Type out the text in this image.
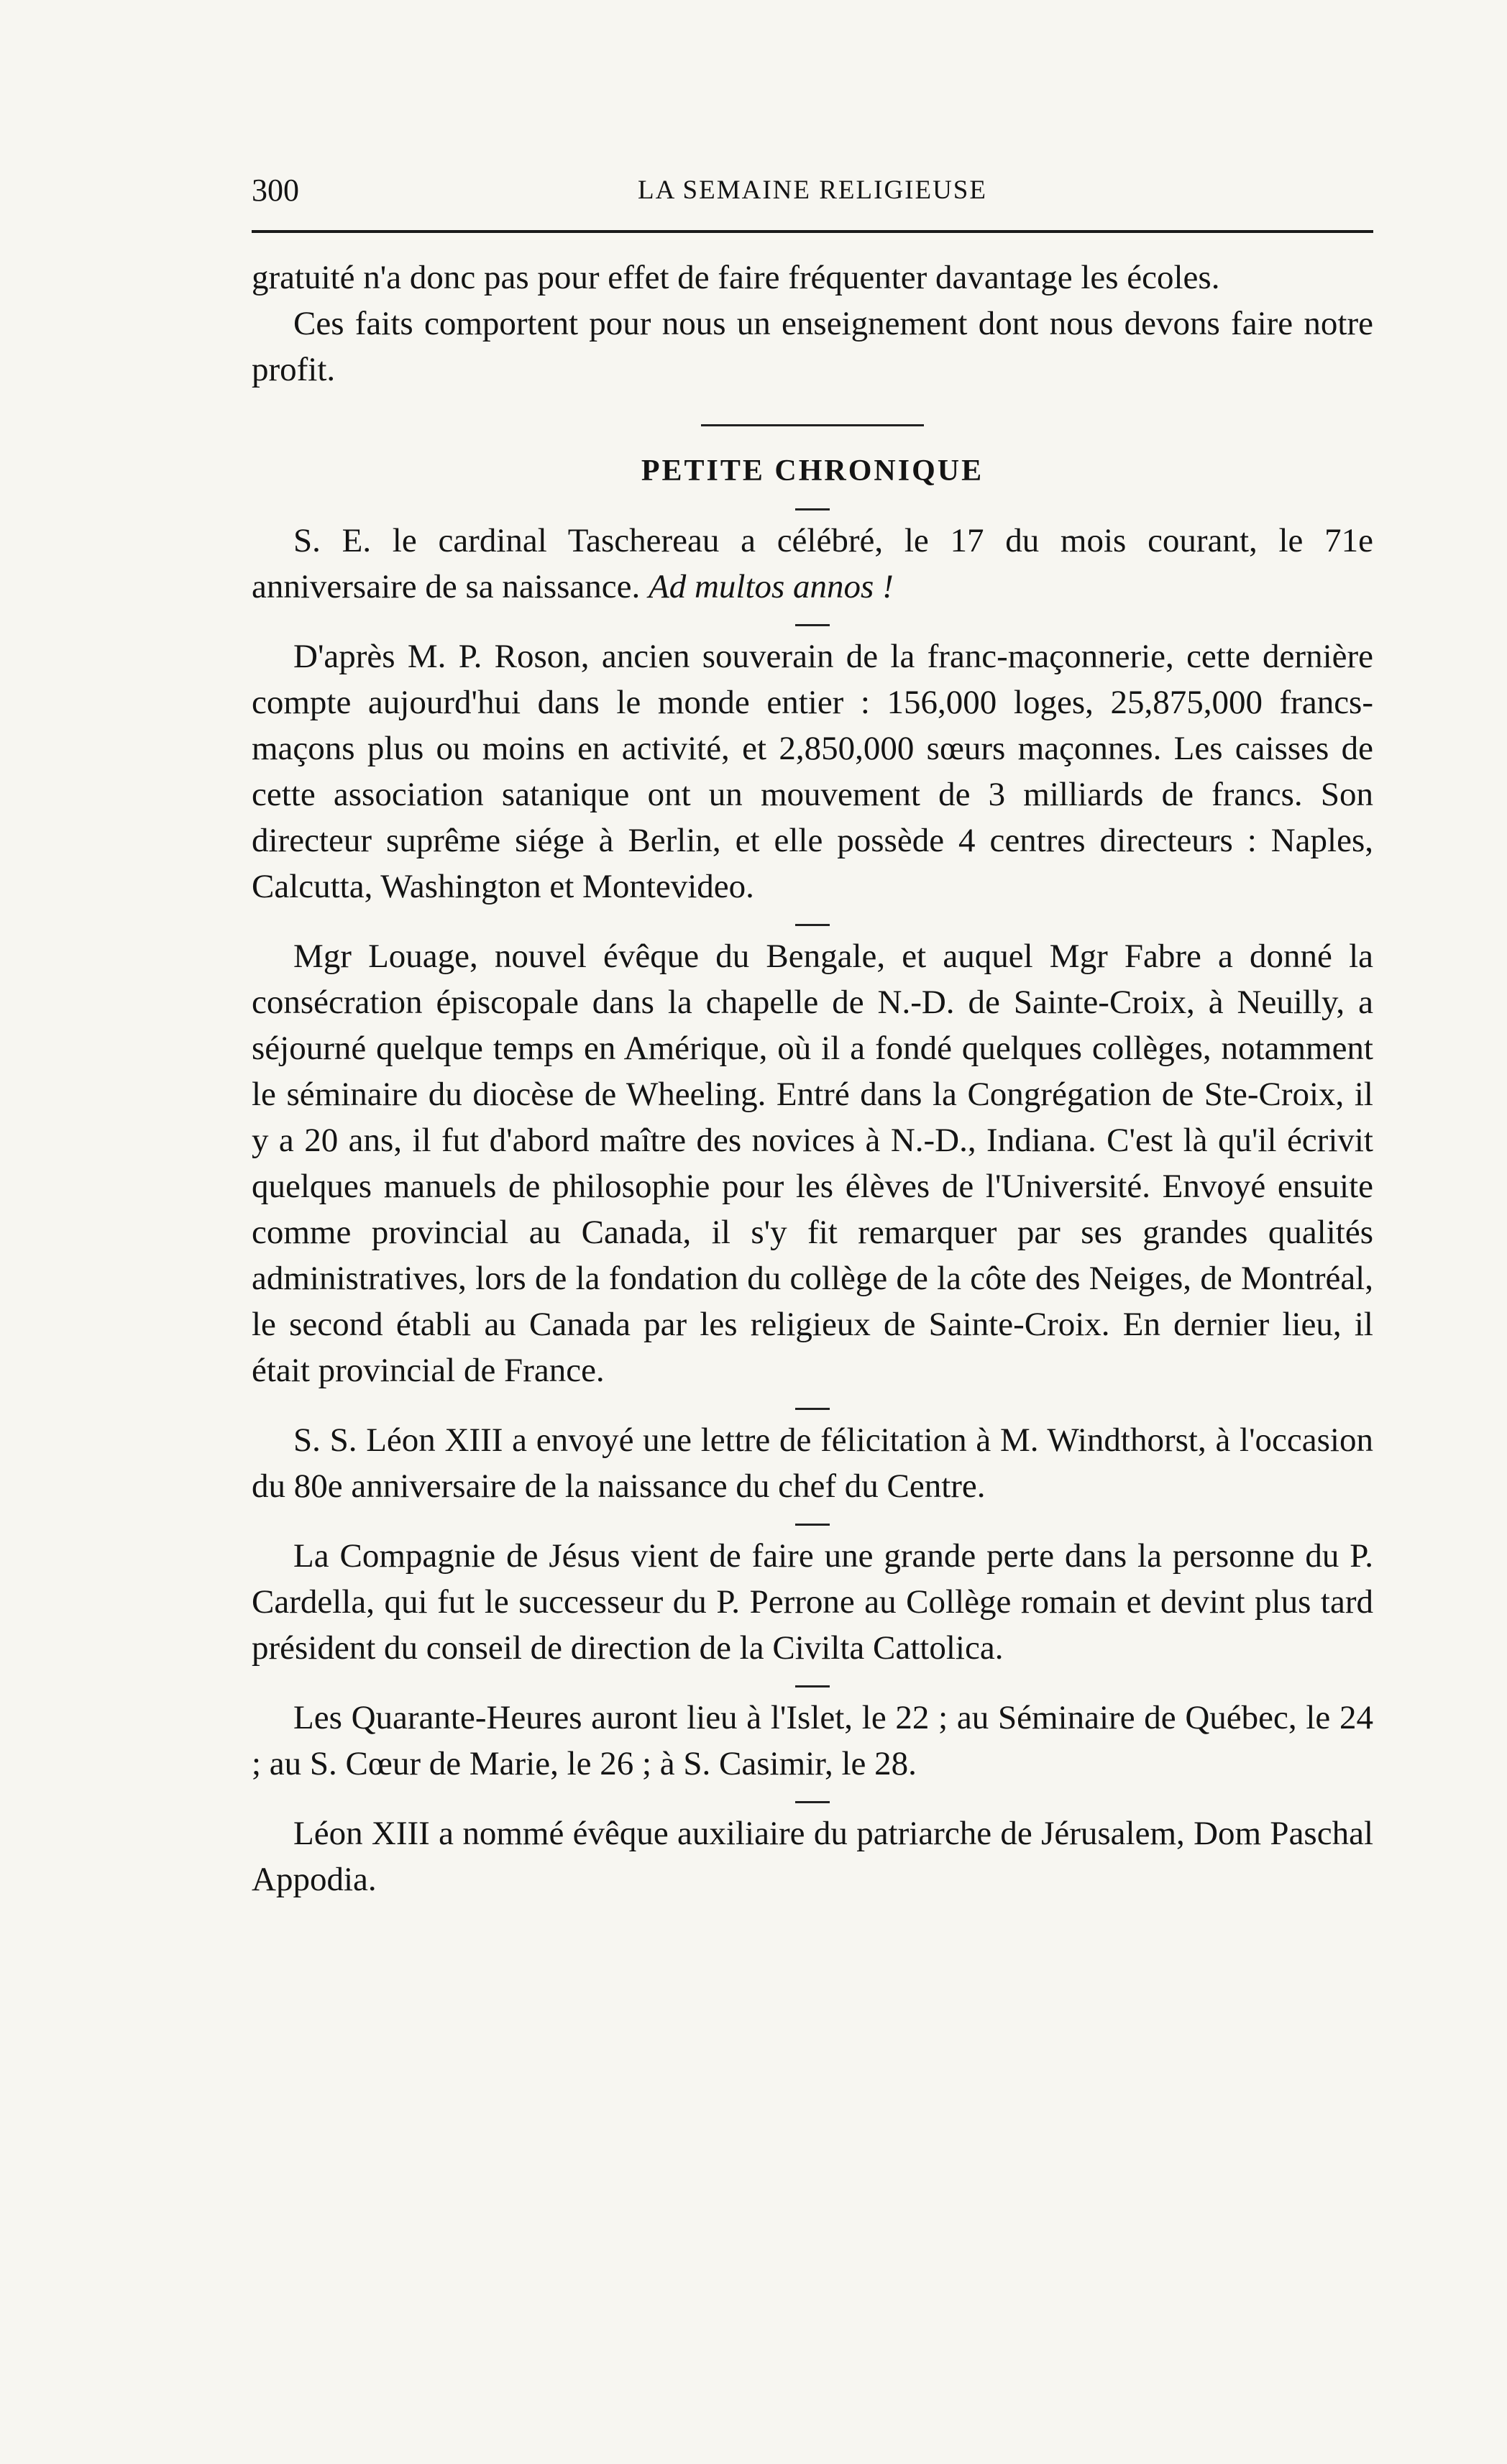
300	LA SEMAINE RELIGIEUSE

gratuité n'a donc pas pour effet de faire fréquenter davantage les écoles.

Ces faits comportent pour nous un enseignement dont nous devons faire notre profit.

PETITE CHRONIQUE

S. E. le cardinal Taschereau a célébré, le 17 du mois courant, le 71e anniversaire de sa naissance. Ad multos annos !

D'après M. P. Roson, ancien souverain de la franc-maçonnerie, cette dernière compte aujourd'hui dans le monde entier : 156,000 loges, 25,875,000 francs-maçons plus ou moins en activité, et 2,850,000 sœurs maçonnes. Les caisses de cette association satanique ont un mouvement de 3 milliards de francs. Son directeur suprême siége à Berlin, et elle possède 4 centres directeurs : Naples, Calcutta, Washington et Montevideo.

Mgr Louage, nouvel évêque du Bengale, et auquel Mgr Fabre a donné la consécration épiscopale dans la chapelle de N.-D. de Sainte-Croix, à Neuilly, a séjourné quelque temps en Amérique, où il a fondé quelques collèges, notamment le séminaire du diocèse de Wheeling. Entré dans la Congrégation de Ste-Croix, il y a 20 ans, il fut d'abord maître des novices à N.-D., Indiana. C'est là qu'il écrivit quelques manuels de philosophie pour les élèves de l'Université. Envoyé ensuite comme provincial au Canada, il s'y fit remarquer par ses grandes qualités administratives, lors de la fondation du collège de la côte des Neiges, de Montréal, le second établi au Canada par les religieux de Sainte-Croix. En dernier lieu, il était provincial de France.

S. S. Léon XIII a envoyé une lettre de félicitation à M. Windthorst, à l'occasion du 80e anniversaire de la naissance du chef du Centre.

La Compagnie de Jésus vient de faire une grande perte dans la personne du P. Cardella, qui fut le successeur du P. Perrone au Collège romain et devint plus tard président du conseil de direction de la Civilta Cattolica.

Les Quarante-Heures auront lieu à l'Islet, le 22 ; au Séminaire de Québec, le 24 ; au S. Cœur de Marie, le 26 ; à S. Casimir, le 28.

Léon XIII a nommé évêque auxiliaire du patriarche de Jérusalem, Dom Paschal Appodia.
